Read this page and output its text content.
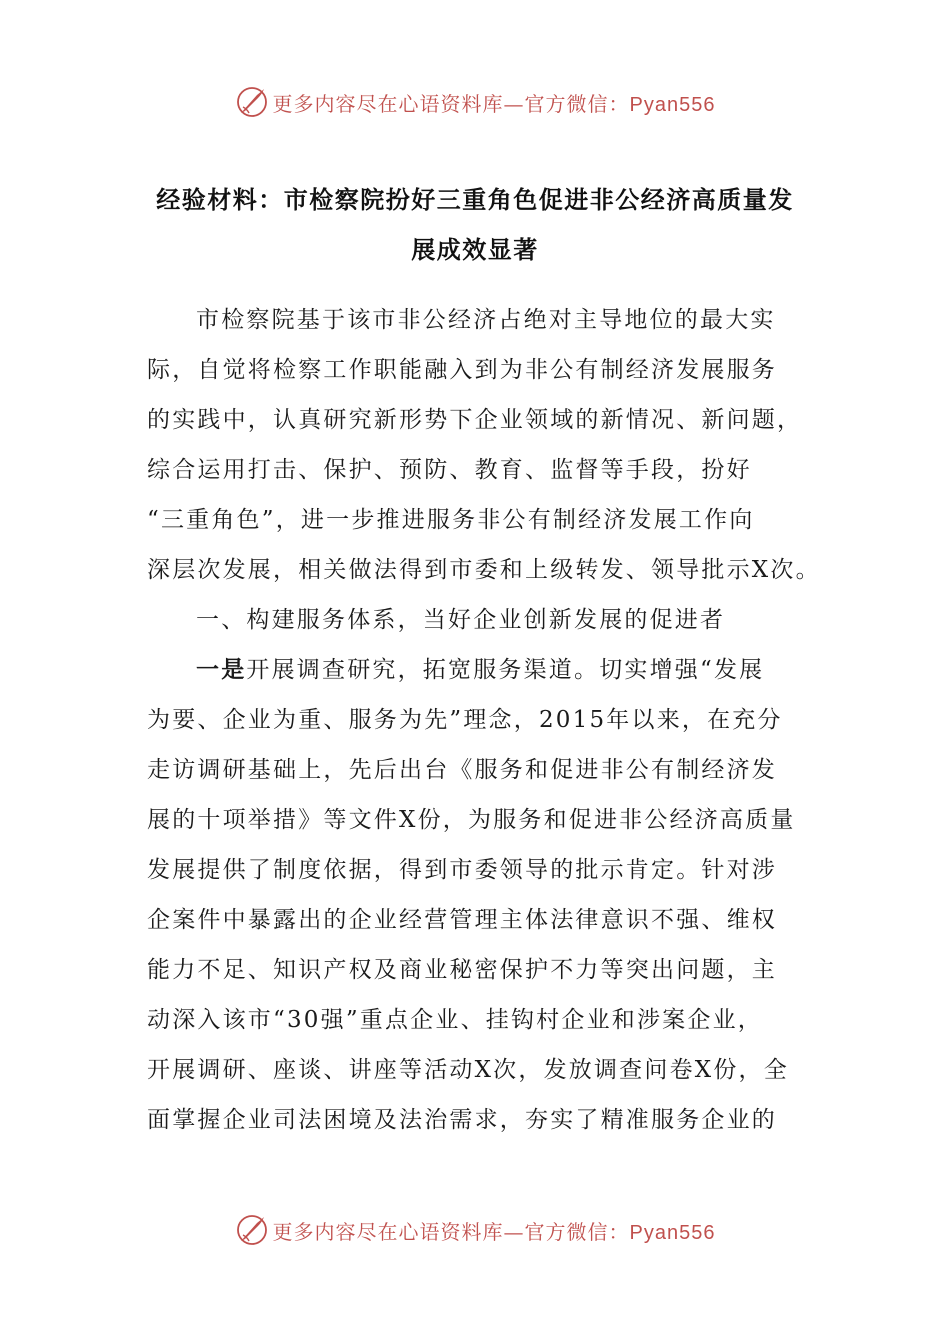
更多内容尽在心语资料库—官方微信：Pyan556
经验材料：市检察院扮好三重角色促进非公经济高质量发
展成效显著
市检察院基于该市非公经济占绝对主导地位的最大实
际，自觉将检察工作职能融入到为非公有制经济发展服务
的实践中，认真研究新形势下企业领域的新情况、新问题，
综合运用打击、保护、预防、教育、监督等手段，扮好
“三重角色”，进一步推进服务非公有制经济发展工作向
深层次发展，相关做法得到市委和上级转发、领导批示X次。
一、构建服务体系，当好企业创新发展的促进者
一是开展调查研究，拓宽服务渠道。切实增强“发展
为要、企业为重、服务为先”理念，2015年以来，在充分
走访调研基础上，先后出台《服务和促进非公有制经济发
展的十项举措》等文件X份，为服务和促进非公经济高质量
发展提供了制度依据，得到市委领导的批示肯定。针对涉
企案件中暴露出的企业经营管理主体法律意识不强、维权
能力不足、知识产权及商业秘密保护不力等突出问题，主
动深入该市“30强”重点企业、挂钩村企业和涉案企业，
开展调研、座谈、讲座等活动X次，发放调查问卷X份，全
面掌握企业司法困境及法治需求，夯实了精准服务企业的
更多内容尽在心语资料库—官方微信：Pyan556
